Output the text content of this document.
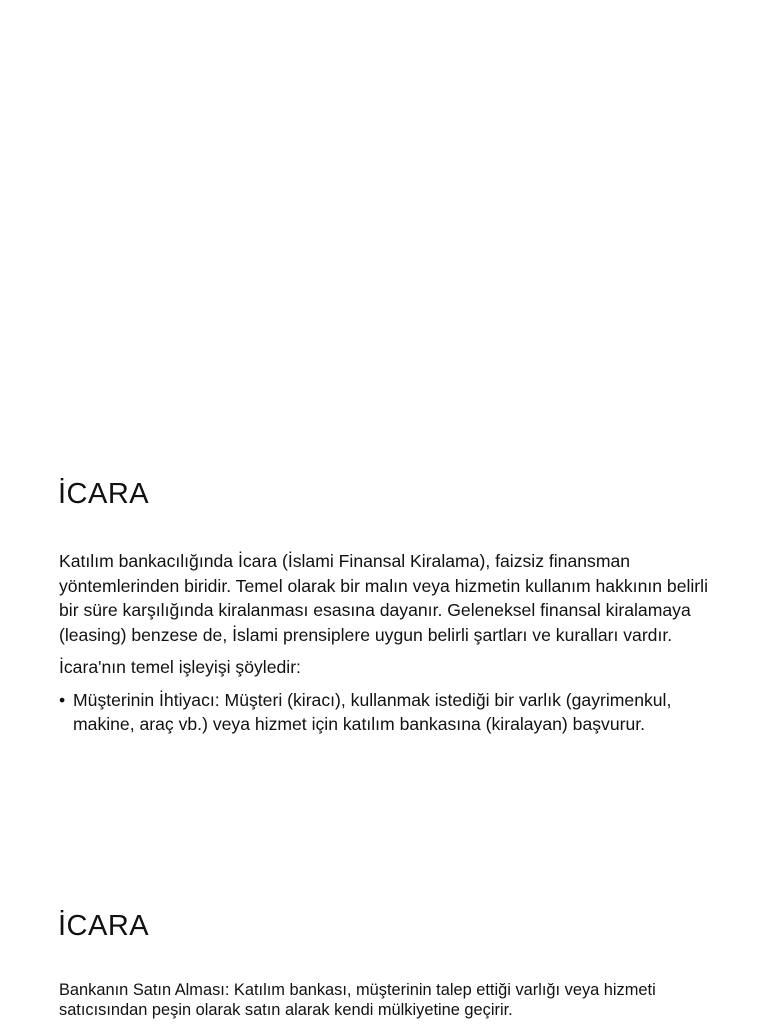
İCARA

Katılım bankacılığında İcara (İslami Finansal Kiralama), faizsiz finansman yöntemlerinden biridir. Temel olarak bir malın veya hizmetin kullanım hakkının belirli bir süre karşılığında kiralanması esasına dayanır. Geleneksel finansal kiralamaya (leasing) benzese de, İslami prensiplere uygun belirli şartları ve kuralları vardır.

İcara'nın temel işleyişi şöyledir:

• Müşterinin İhtiyacı: Müşteri (kiracı), kullanmak istediği bir varlık (gayrimenkul, makine, araç vb.) veya hizmet için katılım bankasına (kiralayan) başvurur.
İCARA

Bankanın Satın Alması: Katılım bankası, müşterinin talep ettiği varlığı veya hizmeti satıcısından peşin olarak satın alarak kendi mülkiyetine geçirir.
